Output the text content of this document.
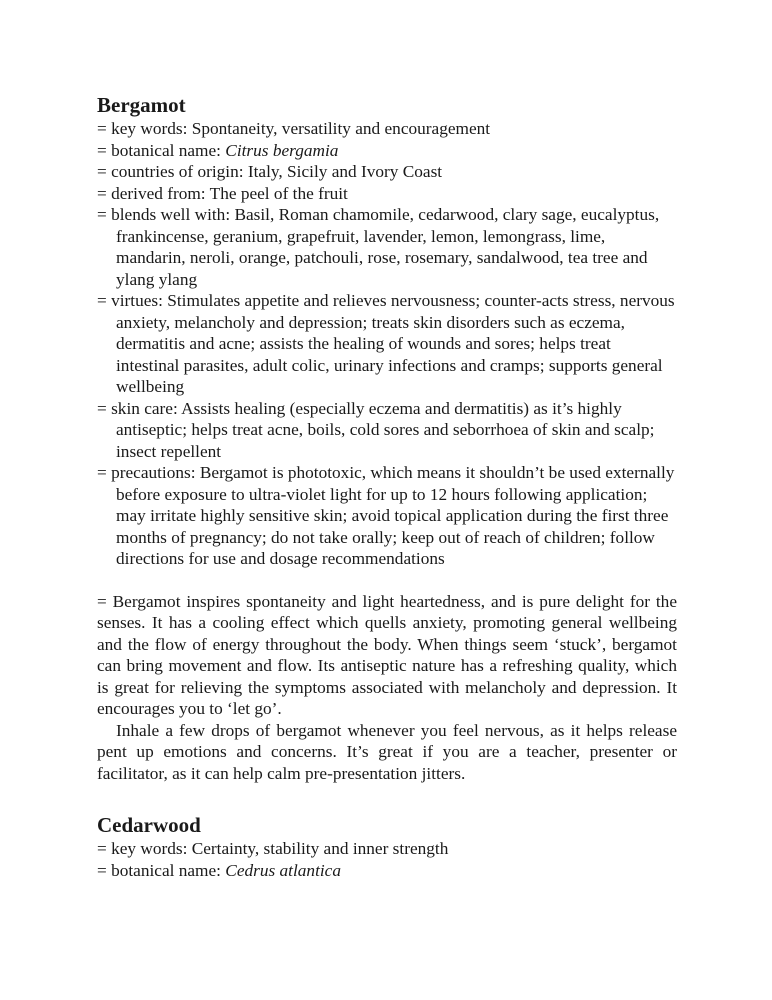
Bergamot
= key words: Spontaneity, versatility and encouragement
= botanical name: Citrus bergamia
= countries of origin: Italy, Sicily and Ivory Coast
= derived from: The peel of the fruit
= blends well with: Basil, Roman chamomile, cedarwood, clary sage, eucalyptus, frankincense, geranium, grapefruit, lavender, lemon, lemongrass, lime, mandarin, neroli, orange, patchouli, rose, rosemary, sandalwood, tea tree and ylang ylang
= virtues: Stimulates appetite and relieves nervousness; counter-acts stress, nervous anxiety, melancholy and depression; treats skin disorders such as eczema, dermatitis and acne; assists the healing of wounds and sores; helps treat intestinal parasites, adult colic, urinary infections and cramps; supports general wellbeing
= skin care: Assists healing (especially eczema and dermatitis) as it’s highly antiseptic; helps treat acne, boils, cold sores and seborrhoea of skin and scalp; insect repellent
= precautions: Bergamot is phototoxic, which means it shouldn’t be used externally before exposure to ultra-violet light for up to 12 hours following application; may irritate highly sensitive skin; avoid topical application during the first three months of pregnancy; do not take orally; keep out of reach of children; follow directions for use and dosage recommendations

= Bergamot inspires spontaneity and light heartedness, and is pure delight for the senses. It has a cooling effect which quells anxiety, promoting general wellbeing and the flow of energy throughout the body. When things seem ‘stuck’, bergamot can bring movement and flow. Its antiseptic nature has a refreshing quality, which is great for relieving the symptoms associated with melancholy and depression. It encourages you to ‘let go’.

Inhale a few drops of bergamot whenever you feel nervous, as it helps release pent up emotions and concerns. It’s great if you are a teacher, presenter or facilitator, as it can help calm pre-presentation jitters.

Cedarwood
= key words: Certainty, stability and inner strength
= botanical name: Cedrus atlantica
